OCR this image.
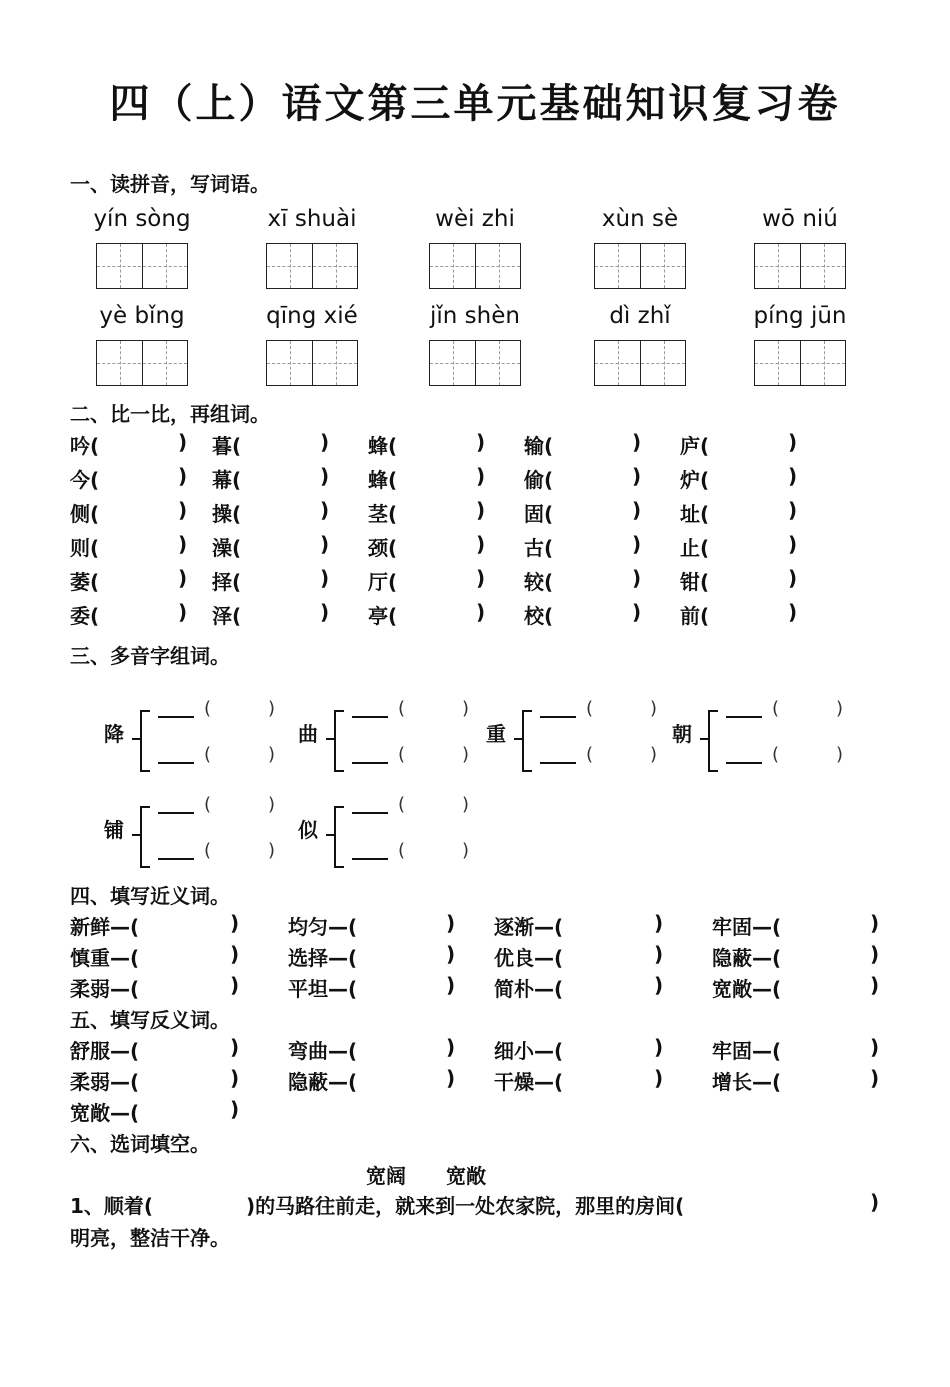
四（上）语文第三单元基础知识复习卷
一、读拼音，写词语。
yín sòng	xī shuài	wèi zhi	xùn sè	wō niú
yè bǐng	qīng xié	jǐn shèn	dì zhǐ	píng jūn
二、比一比，再组词。
吟(	) 暮(	) 蜂(	) 输(	) 庐(	)
今(	) 幕(	) 蜂(	) 偷(	) 炉(	)
侧(	) 操(	) 茎(	) 固(	) 址(	)
则(	) 澡(	) 颈(	) 古(	) 止(	)
萎(	) 择(	) 厅(	) 较(	) 钳(	)
委(	) 泽(	) 亭(	) 校(	) 前(	)
三、多音字组词。
降
(	)
(	)
曲
(	)
(	)
重
(	)
(	)
朝
(	)
(	)
铺
(	)
(	)
似
(	)
(	)
四、填写近义词。
新鲜—(	) 均匀—(	) 逐渐—(	) 牢固—(	)
慎重—(	) 选择—(	) 优良—(	) 隐蔽—(	)
柔弱—(	) 平坦—(	) 简朴—(	) 宽敞—(	)
五、填写反义词。
舒服—(	) 弯曲—(	) 细小—(	) 牢固—(	)
柔弱—(	) 隐蔽—(	) 干燥—(	) 增长—(	)
宽敞—(	)
六、选词填空。
宽阔　　宽敞
1、顺着(	)的马路往前走，就来到一处农家院，那里的房间(	)
明亮，整洁干净。
